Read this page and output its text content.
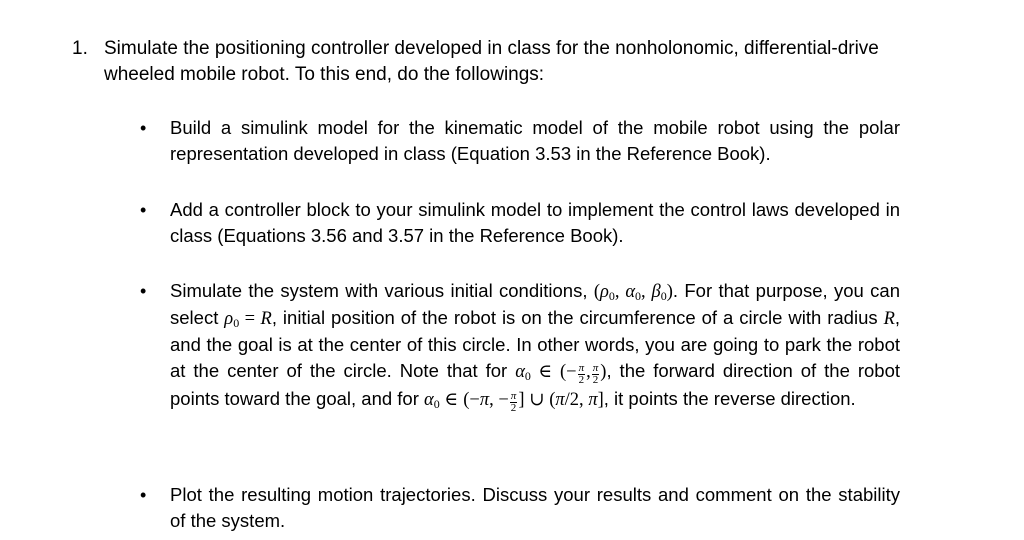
1. Simulate the positioning controller developed in class for the nonholonomic, differential-drive wheeled mobile robot. To this end, do the followings:
• Build a simulink model for the kinematic model of the mobile robot using the polar representation developed in class (Equation 3.53 in the Reference Book).
• Add a controller block to your simulink model to implement the control laws developed in class (Equations 3.56 and 3.57 in the Reference Book).
• Simulate the system with various initial conditions, ($\rho_0$, $\alpha_0$, $\beta_0$). For that purpose, you can select $\rho_0 = R$, initial position of the robot is on the circumference of a circle with radius R, and the goal is at the center of this circle. In other words, you are going to park the robot at the center of the circle. Note that for $\alpha_0$ ∈ (− $\frac{\pi}{2}$ , $\frac{\pi}{2}$ ), the forward direction of the robot points toward the goal, and for $\alpha_0$ ∈ (−π, − $\frac{\pi}{2}$ ] ∪ (π/2, π], it points the reverse direction.
• Plot the resulting motion trajectories. Discuss your results and comment on the stability of the system.
